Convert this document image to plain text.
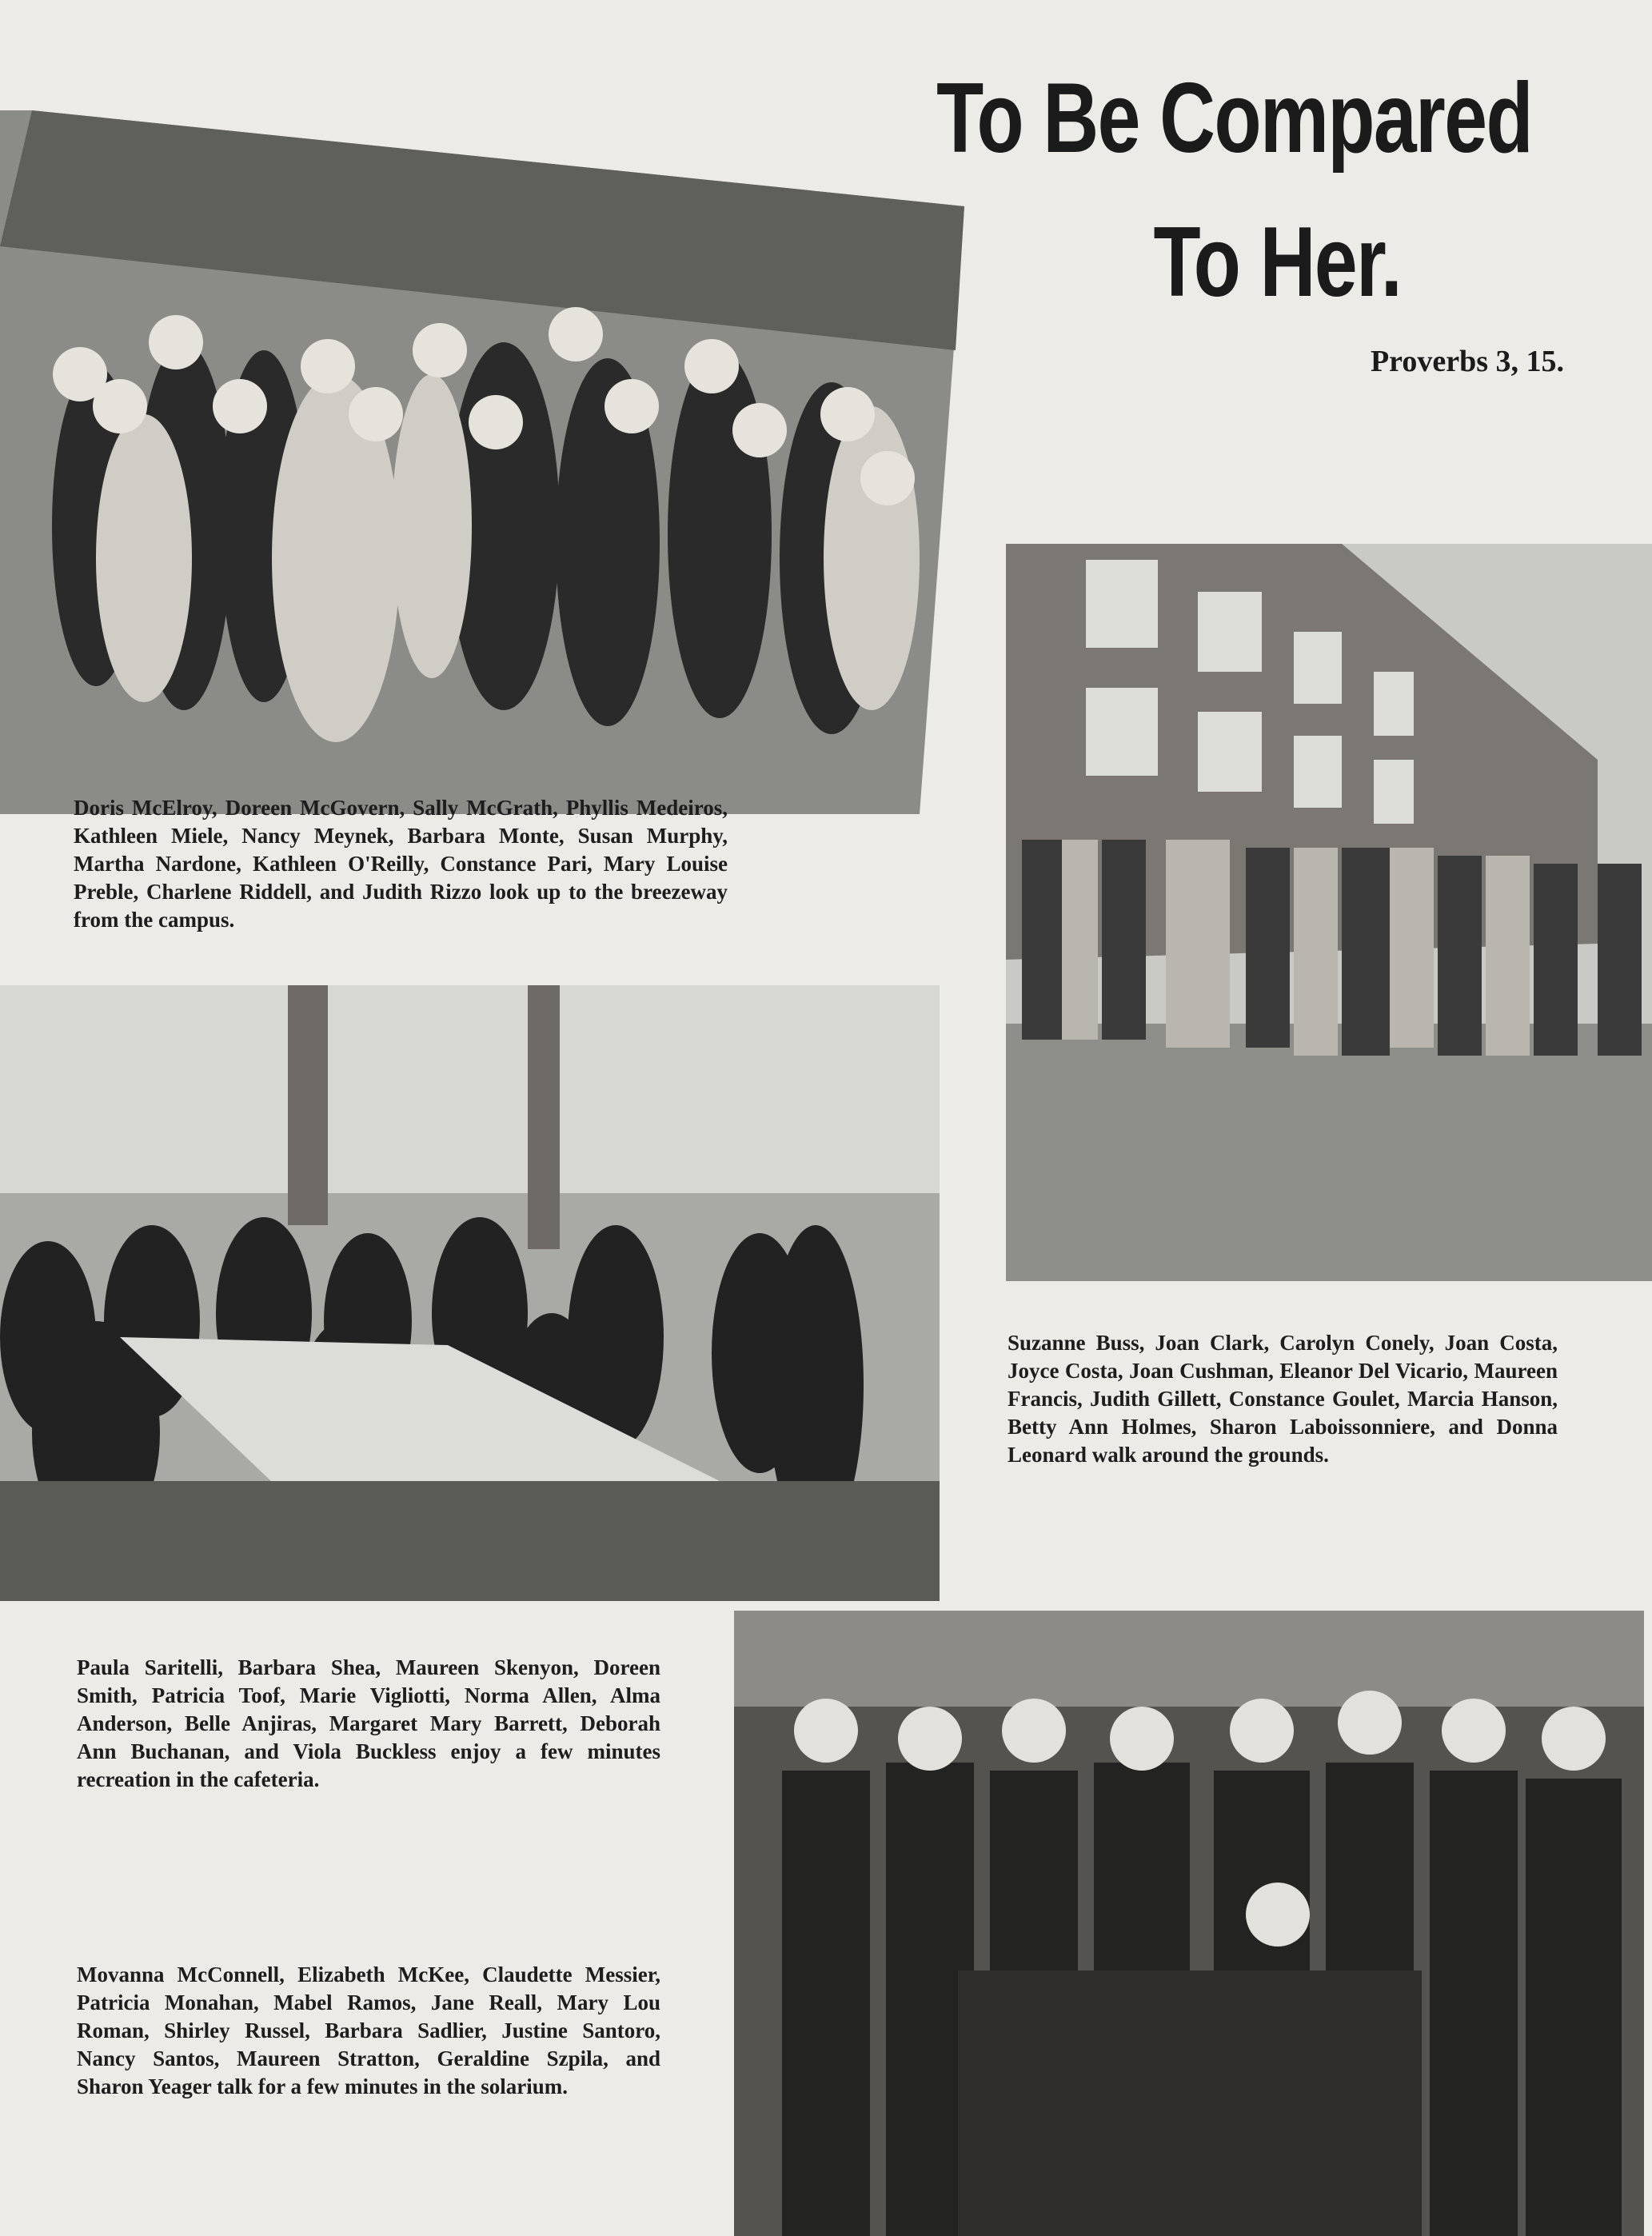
To Be Compared
To Her.
Proverbs 3, 15.

Doris McElroy, Doreen McGovern, Sally McGrath, Phyllis Medeiros, Kathleen Miele, Nancy Meynek, Barbara Monte, Susan Murphy, Martha Nardone, Kathleen O'Reilly, Constance Pari, Mary Louise Preble, Charlene Riddell, and Judith Rizzo look up to the breezeway from the campus.

Suzanne Buss, Joan Clark, Carolyn Conely, Joan Costa, Joyce Costa, Joan Cushman, Eleanor Del Vicario, Maureen Francis, Judith Gillett, Constance Goulet, Marcia Hanson, Betty Ann Holmes, Sharon Laboissonniere, and Donna Leonard walk around the grounds.

Paula Saritelli, Barbara Shea, Maureen Skenyon, Doreen Smith, Patricia Toof, Marie Vigliotti, Norma Allen, Alma Anderson, Belle Anjiras, Margaret Mary Barrett, Deborah Ann Buchanan, and Viola Buckless enjoy a few minutes recreation in the cafeteria.

Movanna McConnell, Elizabeth McKee, Claudette Messier, Patricia Monahan, Mabel Ramos, Jane Reall, Mary Lou Roman, Shirley Russel, Barbara Sadlier, Justine Santoro, Nancy Santos, Maureen Stratton, Geraldine Szpila, and Sharon Yeager talk for a few minutes in the solarium.
